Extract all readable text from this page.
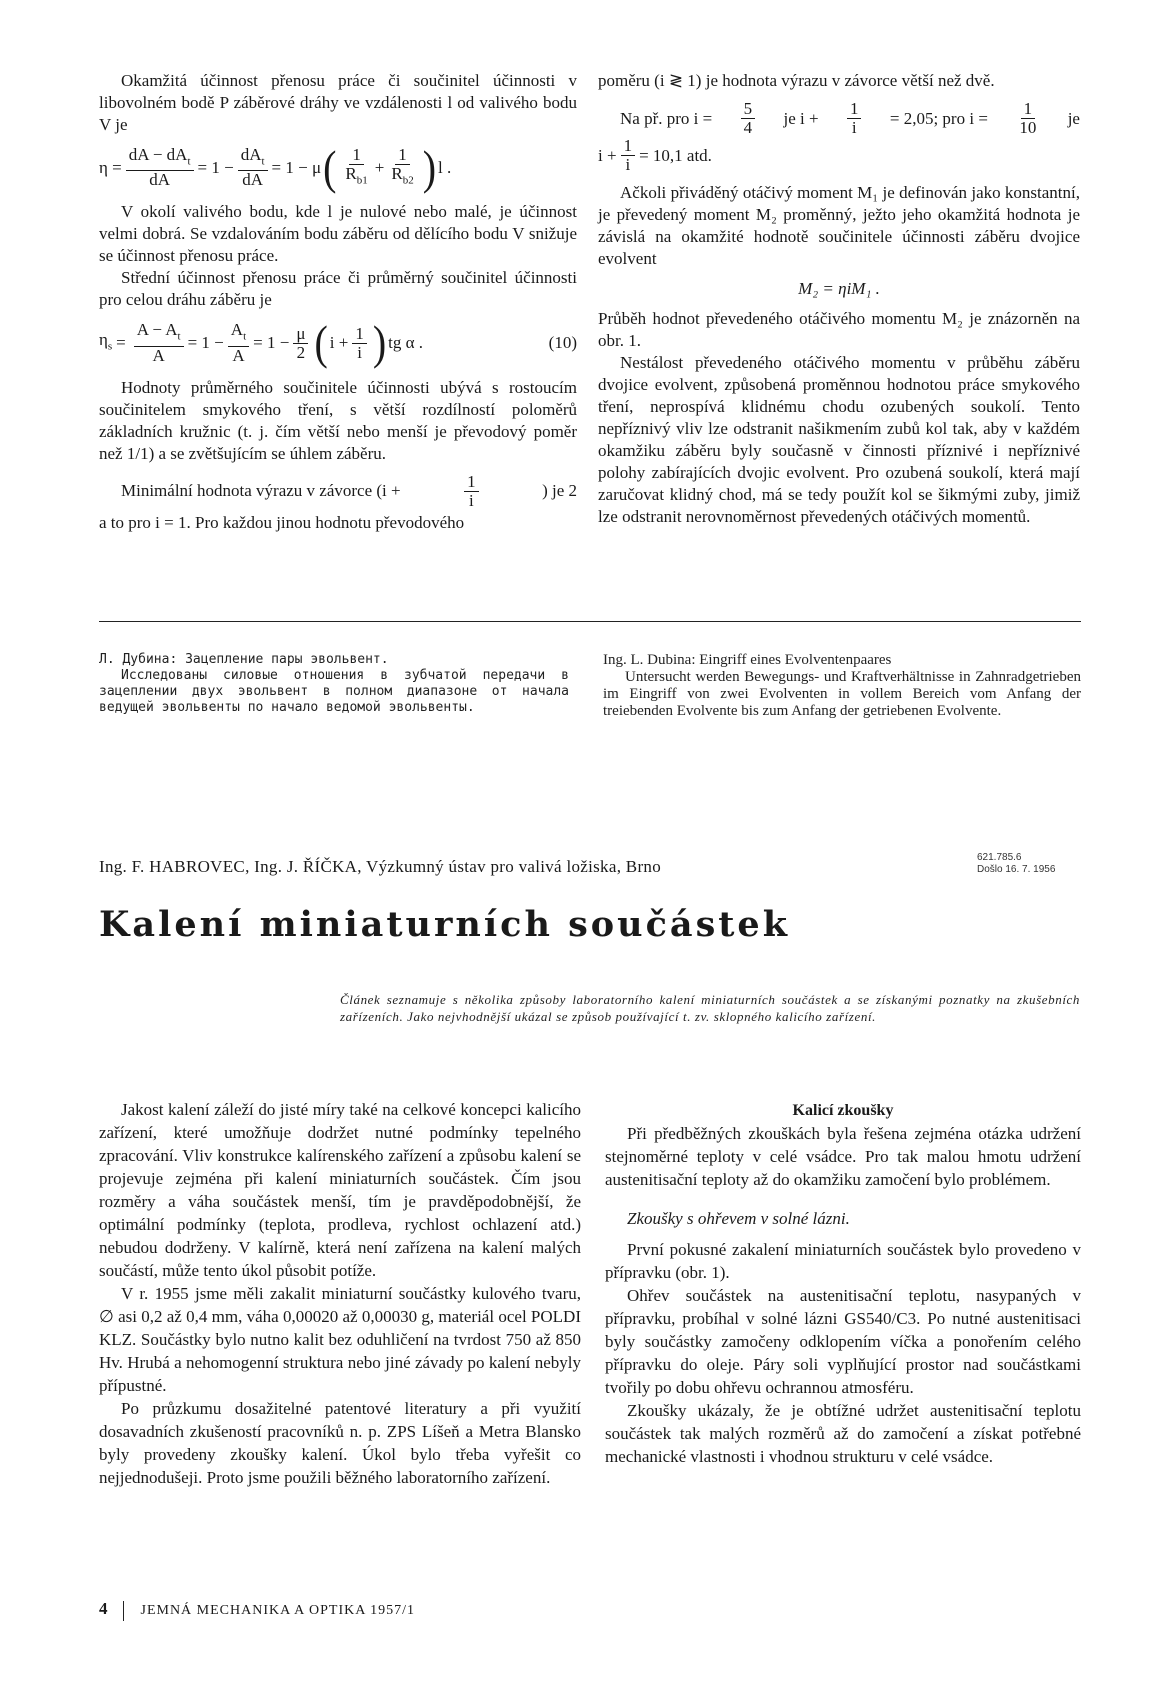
Okamžitá účinnost přenosu práce či součinitel účinnosti v libovolném bodě P záběrové dráhy ve vzdálenosti l od valivého bodu V je

$\eta = \frac{dA - dA_t}{dA} = 1 - \frac{dA_t}{dA} = 1 - \mu$ ( $\frac{1}{R_{b1}} + \frac{1}{R_{b2}}$ ) l .

V okolí valivého bodu, kde l je nulové nebo malé, je účinnost velmi dobrá. Se vzdalováním bodu záběru od dělícího bodu V snižuje se účinnost přenosu práce.

Střední účinnost přenosu práce či průměrný součinitel účinnosti pro celou dráhu záběru je

$\eta_s = \frac{A - A_t}{A} = 1 - \frac{A_t}{A} = 1 - \frac{\mu}{2}$ ( $i + \frac{1}{i}$ ) tg α .	(10)

Hodnoty průměrného součinitele účinnosti ubývá s rostoucím součinitelem smykového tření, s větší rozdílností poloměrů základních kružnic (t. j. čím větší nebo menší je převodový poměr než 1/1) a se zvětšujícím se úhlem záběru.

Minimální hodnota výrazu v závorce (i +	$\frac{1}{i}$	) je 2

a to pro i = 1. Pro každou jinou hodnotu převodového

poměru (i ≷ 1) je hodnota výrazu v závorce větší než dvě.

Na př. pro $i = \frac{5}{4}$ je $i + \frac{1}{i} = 2,05$; pro $i = \frac{1}{10}$ je
$i + \frac{1}{i} = 10,1$ atd.

Ačkoli přiváděný otáčivý moment M₁ je definován jako konstantní, je převedený moment M₂ proměnný, ježto jeho okamžitá hodnota je závislá na okamžité hodnotě součinitele účinnosti záběru dvojice evolvent

M₂ = ηiM₁ .

Průběh hodnot převedeného otáčivého momentu M₂ je znázorněn na obr. 1.

Nestálost převedeného otáčivého momentu v průběhu záběru dvojice evolvent, způsobená proměnnou hodnotou práce smykového tření, neprospívá klidnému chodu ozubených soukolí. Tento nepříznivý vliv lze odstranit našikmením zubů kol tak, aby v každém okamžiku záběru byly současně v činnosti příznivé i nepříznivé polohy zabírajících dvojic evolvent. Pro ozubená soukolí, která mají zaručovat klidný chod, má se tedy použít kol se šikmými zuby, jimiž lze odstranit nerovnoměrnost převedených otáčivých momentů.

Л. Дубина: Зацепление пары эвольвент.
Исследованы силовые отношения в зубчатой передачи в зацеплении двух эвольвент в полном диапазоне от начала ведущей эвольвенты по начало ведомой эвольвенты.
Ing. L. Dubina: Eingriff eines Evolventenpaares
Untersucht werden Bewegungs- und Kraftverhältnisse in Zahnradgetrieben im Eingriff von zwei Evolventen in vollem Bereich vom Anfang der treiebenden Evolvente bis zum Anfang der getriebenen Evolvente.
Ing. F. HABROVEC, Ing. J. ŘÍČKA, Výzkumný ústav pro valivá ložiska, Brno	621.785.6
Došlo 16. 7. 1956
Kalení miniaturních součástek
Článek seznamuje s několika způsoby laboratorního kalení miniaturních součástek a se získanými poznatky na zkušebních zařízeních. Jako nejvhodnější ukázal se způsob používající t. zv. sklopného kalicího zařízení.

Jakost kalení záleží do jisté míry také na celkové koncepci kalicího zařízení, které umožňuje dodržet nutné podmínky tepelného zpracování. Vliv konstrukce kalírenského zařízení a způsobu kalení se projevuje zejména při kalení miniaturních součástek. Čím jsou rozměry a váha součástek menší, tím je pravděpodobnější, že optimální podmínky (teplota, prodleva, rychlost ochlazení atd.) nebudou dodrženy. V kalírně, která není zařízena na kalení malých součástí, může tento úkol působit potíže.

V r. 1955 jsme měli zakalit miniaturní součástky kulového tvaru, ∅ asi 0,2 až 0,4 mm, váha 0,00020 až 0,00030 g, materiál ocel POLDI KLZ. Součástky bylo nutno kalit bez oduhličení na tvrdost 750 až 850 Hv. Hrubá a nehomogenní struktura nebo jiné závady po kalení nebyly přípustné.

Po průzkumu dosažitelné patentové literatury a při využití dosavadních zkušeností pracovníků n. p. ZPS Líšeň a Metra Blansko byly provedeny zkoušky kalení. Úkol bylo třeba vyřešit co nejjednodušeji. Proto jsme použili běžného laboratorního zařízení.

Kalicí zkoušky

Při předběžných zkouškách byla řešena zejména otázka udržení stejnoměrné teploty v celé vsádce. Pro tak malou hmotu udržení austenitisační teploty až do okamžiku zamočení bylo problémem.

Zkoušky s ohřevem v solné lázni.

První pokusné zakalení miniaturních součástek bylo provedeno v přípravku (obr. 1).

Ohřev součástek na austenitisační teplotu, nasypaných v přípravku, probíhal v solné lázni GS540/C3. Po nutné austenitisaci byly součástky zamočeny odklopením víčka a ponořením celého přípravku do oleje. Páry soli vyplňující prostor nad součástkami tvořily po dobu ohřevu ochrannou atmosféru.

Zkoušky ukázaly, že je obtížné udržet austenitisační teplotu součástek tak malých rozměrů až do zamočení a získat potřebné mechanické vlastnosti i vhodnou strukturu v celé vsádce.

4 JEMNÁ MECHANIKA A OPTIKA 1957/1
